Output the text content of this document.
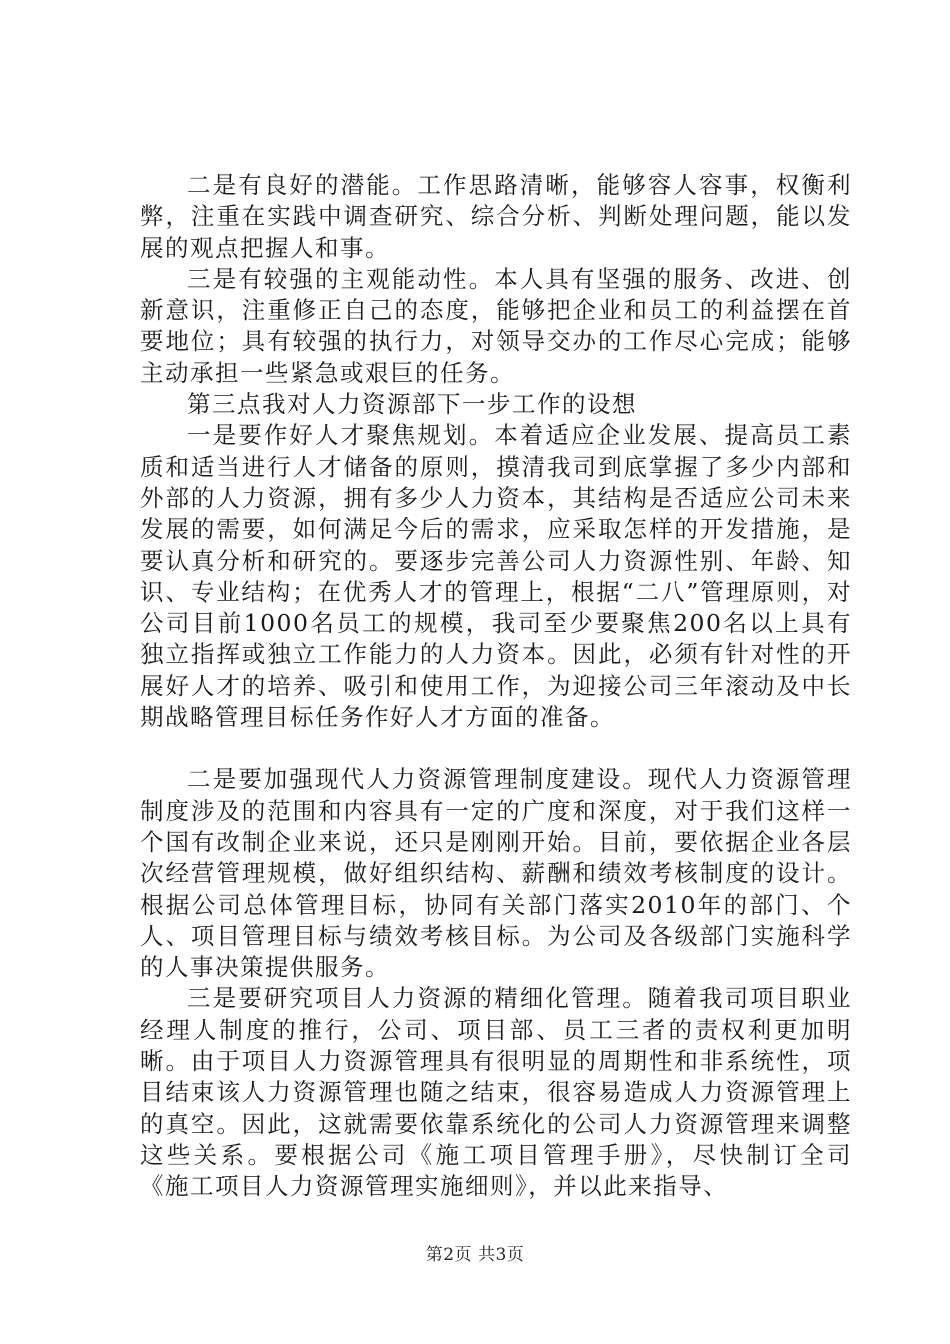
二是有良好的潜能。工作思路清晰，能够容人容事，权衡利弊，注重在实践中调查研究、综合分析、判断处理问题，能以发展的观点把握人和事。

三是有较强的主观能动性。本人具有坚强的服务、改进、创新意识，注重修正自己的态度，能够把企业和员工的利益摆在首要地位；具有较强的执行力，对领导交办的工作尽心完成；能够主动承担一些紧急或艰巨的任务。

第三点我对人力资源部下一步工作的设想

一是要作好人才聚焦规划。本着适应企业发展、提高员工素质和适当进行人才储备的原则，摸清我司到底掌握了多少内部和外部的人力资源，拥有多少人力资本，其结构是否适应公司未来发展的需要，如何满足今后的需求，应采取怎样的开发措施，是要认真分析和研究的。要逐步完善公司人力资源性别、年龄、知识、专业结构；在优秀人才的管理上，根据“二八”管理原则，对公司目前1000名员工的规模，我司至少要聚焦200名以上具有独立指挥或独立工作能力的人力资本。因此，必须有针对性的开展好人才的培养、吸引和使用工作，为迎接公司三年滚动及中长期战略管理目标任务作好人才方面的准备。

二是要加强现代人力资源管理制度建设。现代人力资源管理制度涉及的范围和内容具有一定的广度和深度，对于我们这样一个国有改制企业来说，还只是刚刚开始。目前，要依据企业各层次经营管理规模，做好组织结构、薪酬和绩效考核制度的设计。根据公司总体管理目标，协同有关部门落实2010年的部门、个人、项目管理目标与绩效考核目标。为公司及各级部门实施科学的人事决策提供服务。

三是要研究项目人力资源的精细化管理。随着我司项目职业经理人制度的推行，公司、项目部、员工三者的责权利更加明晰。由于项目人力资源管理具有很明显的周期性和非系统性，项目结束该人力资源管理也随之结束，很容易造成人力资源管理上的真空。因此，这就需要依靠系统化的公司人力资源管理来调整这些关系。要根据公司《施工项目管理手册》，尽快制订全司《施工项目人力资源管理实施细则》，并以此来指导、

第2页 共3页
